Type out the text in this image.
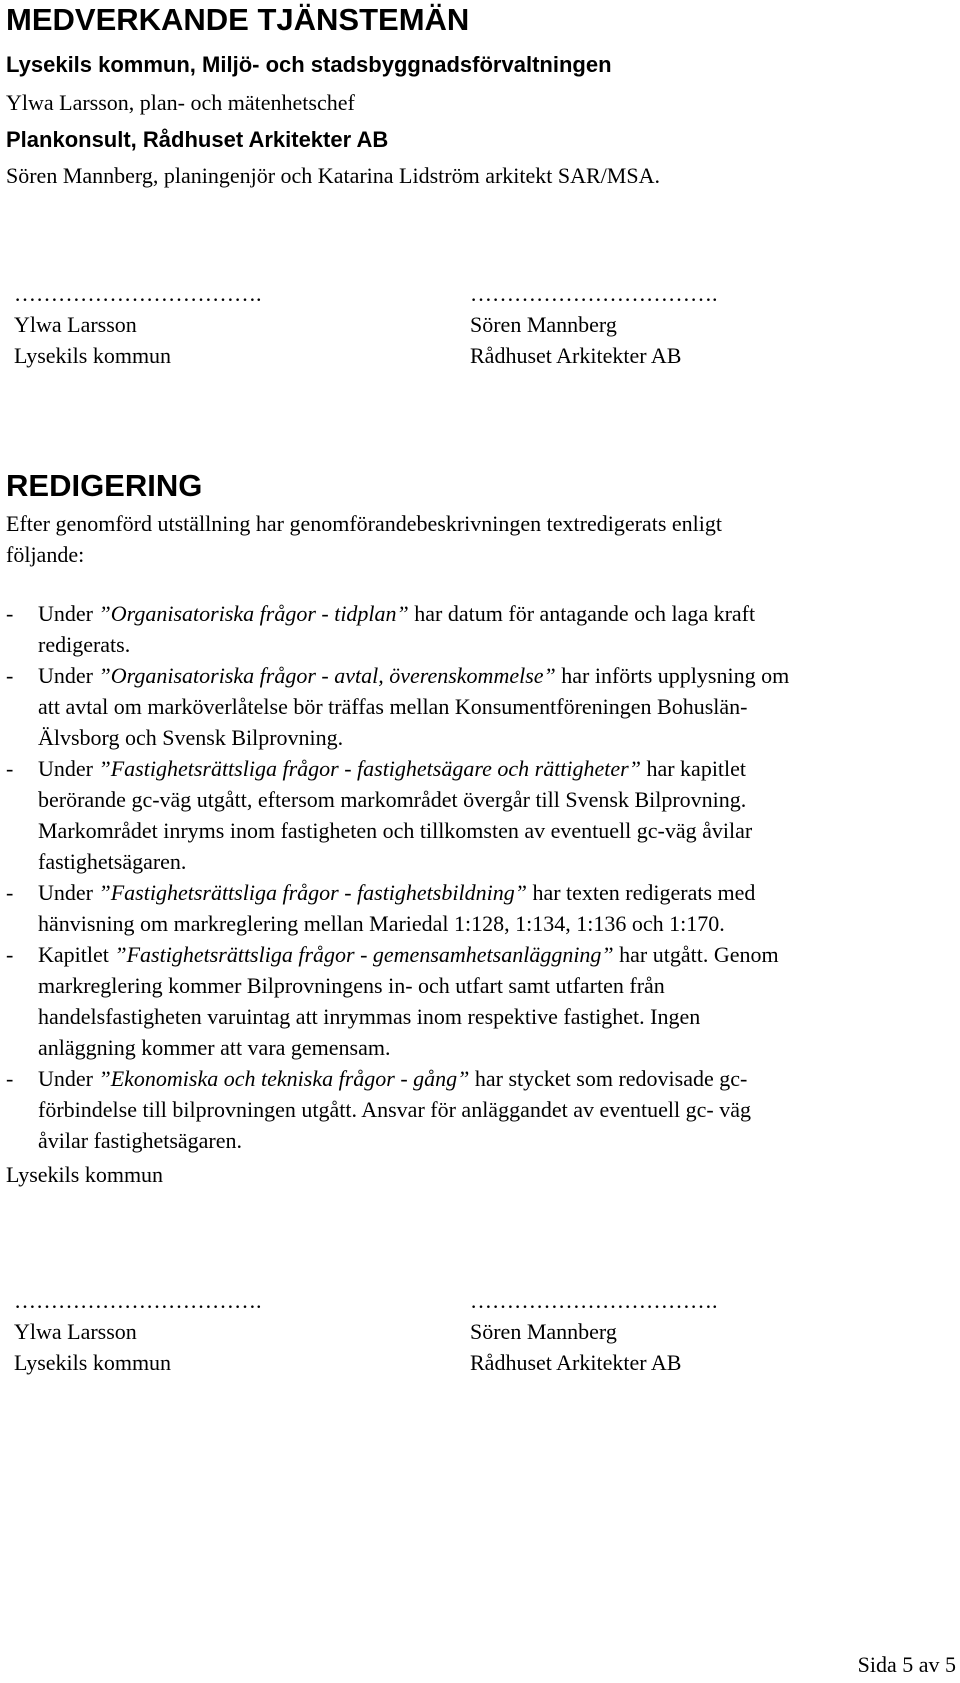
MEDVERKANDE TJÄNSTEMÄN
Lysekils kommun, Miljö- och stadsbyggnadsförvaltningen
Ylwa Larsson, plan- och mätenhetschef
Plankonsult, Rådhuset Arkitekter AB
Sören Mannberg, planingenjör och Katarina Lidström arkitekt SAR/MSA.
…………………………….
Ylwa Larsson
Lysekils kommun
…………………………….
Sören Mannberg
Rådhuset Arkitekter AB
REDIGERING
Efter genomförd utställning har genomförandebeskrivningen textredigerats enligt
följande:
- Under ”Organisatoriska frågor - tidplan” har datum för antagande och laga kraft
redigerats.
- Under ”Organisatoriska frågor - avtal, överenskommelse” har införts upplysning om
att avtal om marköverlåtelse bör träffas mellan Konsumentföreningen Bohuslän-
Älvsborg och Svensk Bilprovning.
- Under ”Fastighetsrättsliga frågor - fastighetsägare och rättigheter” har kapitlet
berörande gc-väg utgått, eftersom markområdet övergår till Svensk Bilprovning.
Markområdet inryms inom fastigheten och tillkomsten av eventuell gc-väg åvilar
fastighetsägaren.
- Under ”Fastighetsrättsliga frågor - fastighetsbildning” har texten redigerats med
hänvisning om markreglering mellan Mariedal 1:128, 1:134, 1:136 och 1:170.
- Kapitlet ”Fastighetsrättsliga frågor - gemensamhetsanläggning” har utgått. Genom
markreglering kommer Bilprovningens in- och utfart samt utfarten från
handelsfastigheten varuintag att inrymmas inom respektive fastighet. Ingen
anläggning kommer att vara gemensam.
- Under ”Ekonomiska och tekniska frågor - gång” har stycket som redovisade gc-
förbindelse till bilprovningen utgått. Ansvar för anläggandet av eventuell gc- väg
åvilar fastighetsägaren.
Lysekils kommun
…………………………….
Ylwa Larsson
Lysekils kommun
…………………………….
Sören Mannberg
Rådhuset Arkitekter AB
Sida 5 av 5
